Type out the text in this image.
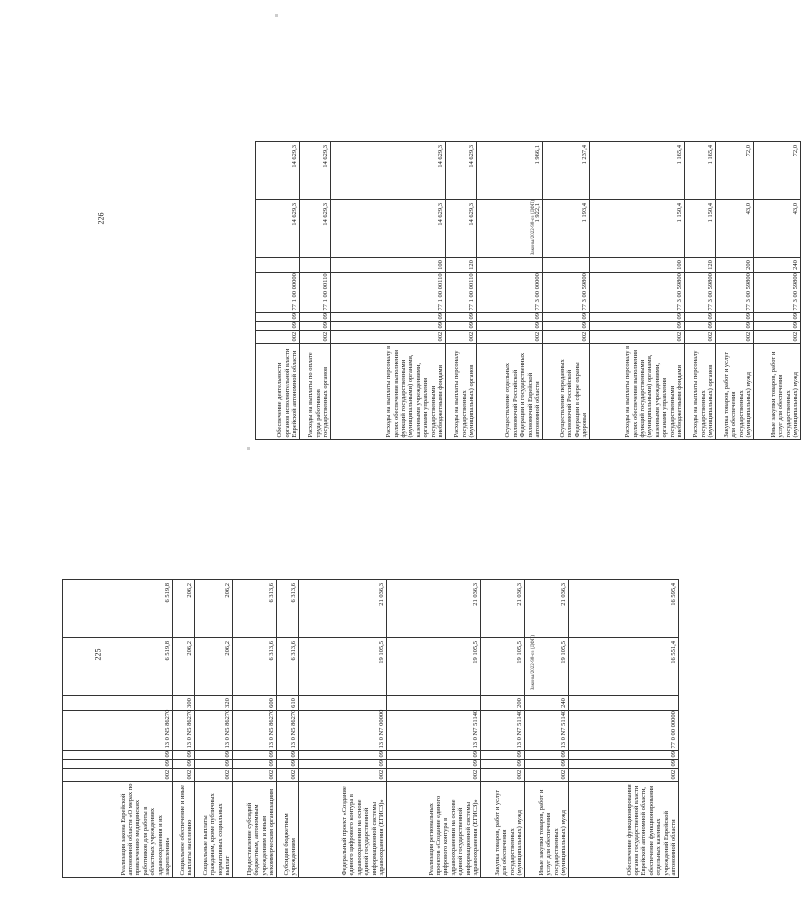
225	Законы/2022-98-оз (ДФП)
Реализация закона Еврейской автономной области «О мерах по привлечению медицинских работников для работы в областных учреждениях здравоохранения и их закреплении»	002	09	09	13 0 N5 86270		6 519,8	6 519,8
Социальное обеспечение и иные выплаты населению	002	09	09	13 0 N5 86270	300	206,2	206,2
Социальные выплаты гражданам, кроме публичных нормативных социальных выплат	002	09	09	13 0 N5 86270	320	206,2	206,2
Предоставление субсидий бюджетным, автономным учреждениям и иным некоммерческим организациям	002	09	09	13 0 N5 86270	600	6 313,6	6 313,6
Субсидии бюджетным учреждениям	002	09	09	13 0 N5 86270	610	6 313,6	6 313,6
Федеральный проект «Создание единого цифрового контура в здравоохранении на основе единой государственной информационной системы здравоохранения (ЕГИСЗ)»	002	09	09	13 0 N7 00000		19 105,5	21 036,3
Реализация региональных проектов «Создание единого цифрового контура в здравоохранении на основе единой государственной информационной системы здравоохранения (ЕГИСЗ)»	002	09	09	13 0 N7 51140		19 105,5	21 036,3
Закупка товаров, работ и услуг для обеспечения государственных (муниципальных) нужд	002	09	09	13 0 N7 51140	200	19 105,5	21 036,3
Иные закупки товаров, работ и услуг для обеспечения государственных (муниципальных) нужд	002	09	09	13 0 N7 51140	240	19 105,5	21 036,3
Обеспечение функционирования органов государственной власти Еврейской автономной области, обеспечение функционирования отдельных казенных учреждений Еврейской автономной области	002	09	09	77 0 00 00000		16 551,4	16 595,4
226	Законы/2022-98-оз (ДФП)
Обеспечение деятельности органов исполнительной власти Еврейской автономной области	002	09	09	77 1 00 00000		14 629,3	14 629,3
Расходы на выплаты по оплате труда работников государственных органов	002	09	09	77 1 00 00110		14 629,3	14 629,3
Расходы на выплаты персоналу в целях обеспечения выполнения функций государственными (муниципальными) органами, казенными учреждениями, органами управления государственными внебюджетными фондами	002	09	09	77 1 00 00110	100	14 629,3	14 629,3
Расходы на выплаты персоналу государственных (муниципальных) органов	002	09	09	77 1 00 00110	120	14 629,3	14 629,3
Осуществление отдельных полномочий Российской Федерации и государственных полномочий Еврейской автономной области	002	09	09	77 3 00 00000		1 922,1	1 966,1
Осуществление переданных полномочий Российской Федерации в сфере охраны здоровья	002	09	09	77 3 00 59800		1 193,4	1 237,4
Расходы на выплаты персоналу в целях обеспечения выполнения функций государственными (муниципальными) органами, казенными учреждениями, органами управления государственными внебюджетными фондами	002	09	09	77 3 00 59800	100	1 150,4	1 165,4
Расходы на выплаты персоналу государственных (муниципальных) органов	002	09	09	77 3 00 59800	120	1 150,4	1 165,4
Закупка товаров, работ и услуг для обеспечения государственных (муниципальных) нужд	002	09	09	77 3 00 59800	200	43,0	72,0
Иные закупки товаров, работ и услуг для обеспечения государственных (муниципальных) нужд	002	09	09	77 3 00 59800	240	43,0	72,0
